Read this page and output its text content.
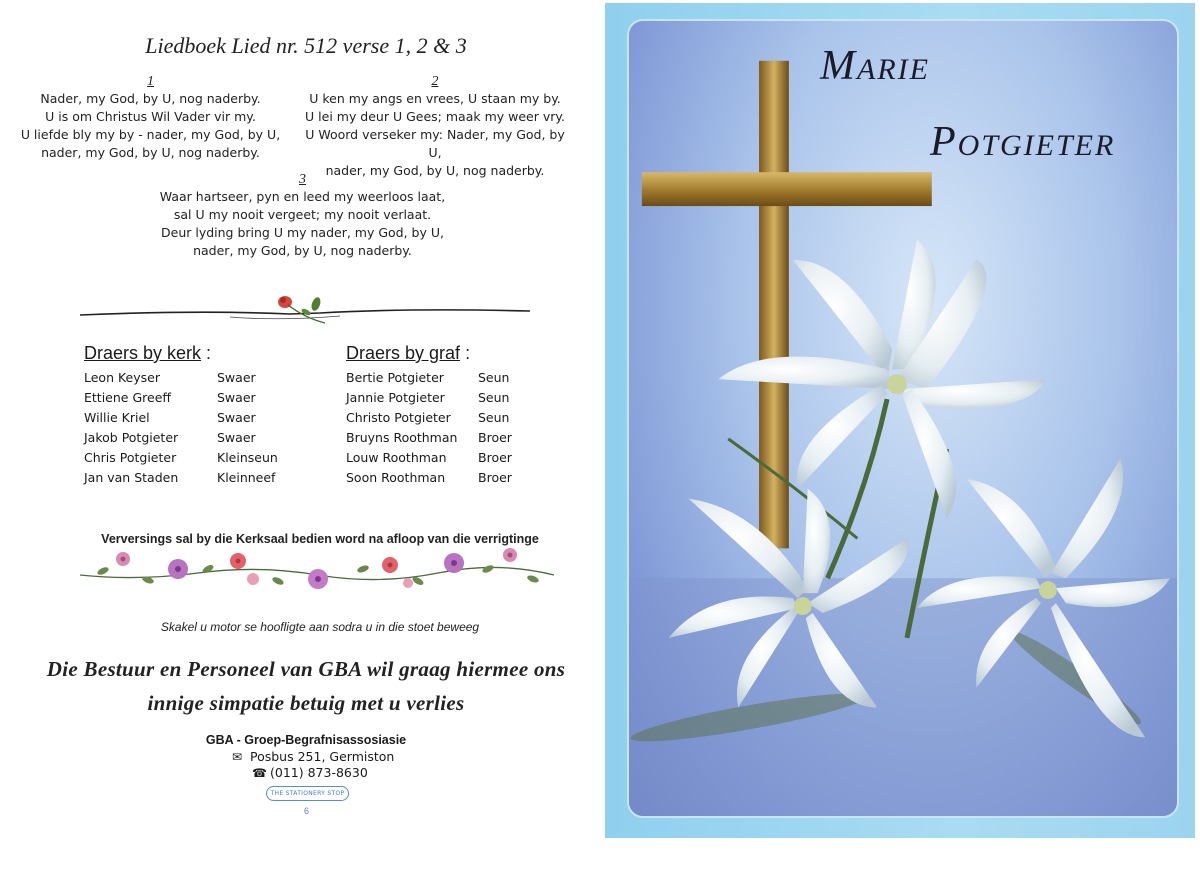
Liedboek Lied nr. 512 verse 1, 2 & 3
1
Nader, my God, by U, nog naderby.
U is om Christus Wil Vader vir my.
U liefde bly my by - nader, my God, by U,
nader, my God, by U, nog naderby.
2
U ken my angs en vrees, U staan my by.
U lei my deur U Gees; maak my weer vry.
U Woord verseker my: Nader, my God, by U,
nader, my God, by U, nog naderby.
3
Waar hartseer, pyn en leed my weerloos laat,
sal U my nooit vergeet; my nooit verlaat.
Deur lyding bring U my nader, my God, by U,
nader, my God, by U, nog naderby.
Draers by kerk :
Leon Keyser	Swaer
Ettiene Greeff	Swaer
Willie Kriel	Swaer
Jakob Potgieter	Swaer
Chris Potgieter	Kleinseun
Jan van Staden	Kleinneef
Draers by graf :
Bertie Potgieter	Seun
Jannie Potgieter	Seun
Christo Potgieter	Seun
Bruyns Roothman	Broer
Louw Roothman	Broer
Soon Roothman	Broer
Verversings sal by die Kerksaal bedien word na afloop van die verrigtinge
Skakel u motor se hoofligte aan sodra u in die stoet beweeg
Die Bestuur en Personeel van GBA wil graag hiermee ons
innige simpatie betuig met u verlies
GBA - Groep-Begrafnisassosiasie
✉ Posbus 251, Germiston
☎ (011) 873-8630
THE STATIONERY STOP
6
MARIE
POTGIETER
